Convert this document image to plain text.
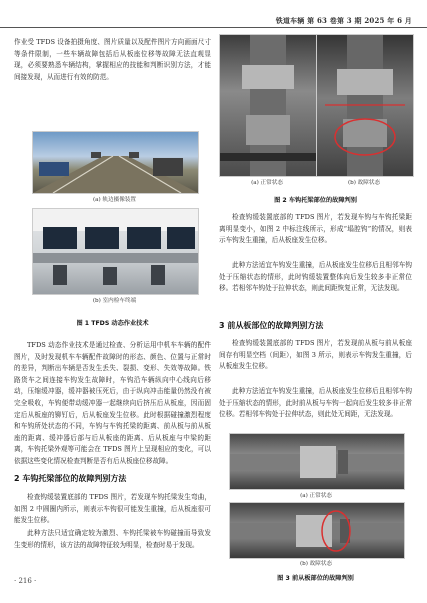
铁道车辆 第 63 卷第 3 期 2025 年 6 月

作业受 TFDS 设备拍摄角度、图片质量以及配件图片方向画面尺寸等条件限制，一些车辆故障包括后从板座位移等故障无法直观显现，必须要熟悉车辆结构，掌握相应的技能和判断识别方法，才能间接发现，从而进行有效的防范。

(a) 轨边摄像装置
(b) 室内检车终端
图 1 TFDS 动态作业技术

TFDS 动态作业技术是通过检查、分析运用中机车车辆的配件图片，及时发现机车车辆配件故障时的形态、颜色、位置与正常时的差异，判断出车辆是否发生丢失、裂损、变形、失效等故障。铁路货车之间连接车钩发生故障时，车钩沿车辆纵向中心线向后移动，压缩缓冲器，缓冲器被压死后，由于纵向冲击能量仍然没有被完全吸收，车钩便带动缓冲器一起继续向后挤压后从板座，因而固定后从板座的铆钉后，后从板座发生位移。此时根据碰撞激烈程度和车钩所处状态的不同，车钩与车钩托梁的距离、前从板与前从板座的距离、缓冲器后部与后从板座的距离、后从板座与中梁的距离，车钩托梁外观等可能会在 TFDS 图片上呈现相应的变化，可以依据这些变化情况检查判断是否有后从板座位移故障。

2 车钩托梁部位的故障判别方法

检查钩缓装置底部的 TFDS 图片，若发现车钩托梁发生弯曲，如图 2 中圆圈内所示，则表示车钩很可能发生重撞，后从板座很可能发生位移。

此种方法只适宜确定较为激烈、车钩托梁被车钩碰撞而导致发生变形的情形，该方法的故障特征较为明显，检查时易于发现。

· 216 ·
(a) 正常状态	(b) 故障状态
图 2 车钩托梁部位的故障判别

检查钩缓装置底部的 TFDS 图片，若发现车钩与车钩托梁距离明显变小，如图 2 中标注线所示，形成“塌腔钩”的情况，则表示车钩发生重撞，后从板座发生位移。

此种方法适宜车钩发生重撞，后从板座发生位移后且相邻车钩处于压缩状态的情形，此时钩缓装置整体向后发生较多非正常位移。若相邻车钩处于拉伸状态，则此间距恢复正常，无法发现。

3 前从板部位的故障判别方法

检查钩缓装置底部的 TFDS 图片，若发现前从板与前从板座间存有明显空档（间距），如图 3 所示，则表示车钩发生重撞，后从板座发生位移。

此种方法适宜车钩发生重撞，后从板座发生位移后且相邻车钩处于压缩状态的情形，此时前从板与车钩一起向后发生较多非正常位移。若相邻车钩处于拉伸状态，则此处无间距，无法发现。

(a) 正常状态
(b) 故障状态
图 3 前从板部位的故障判别
